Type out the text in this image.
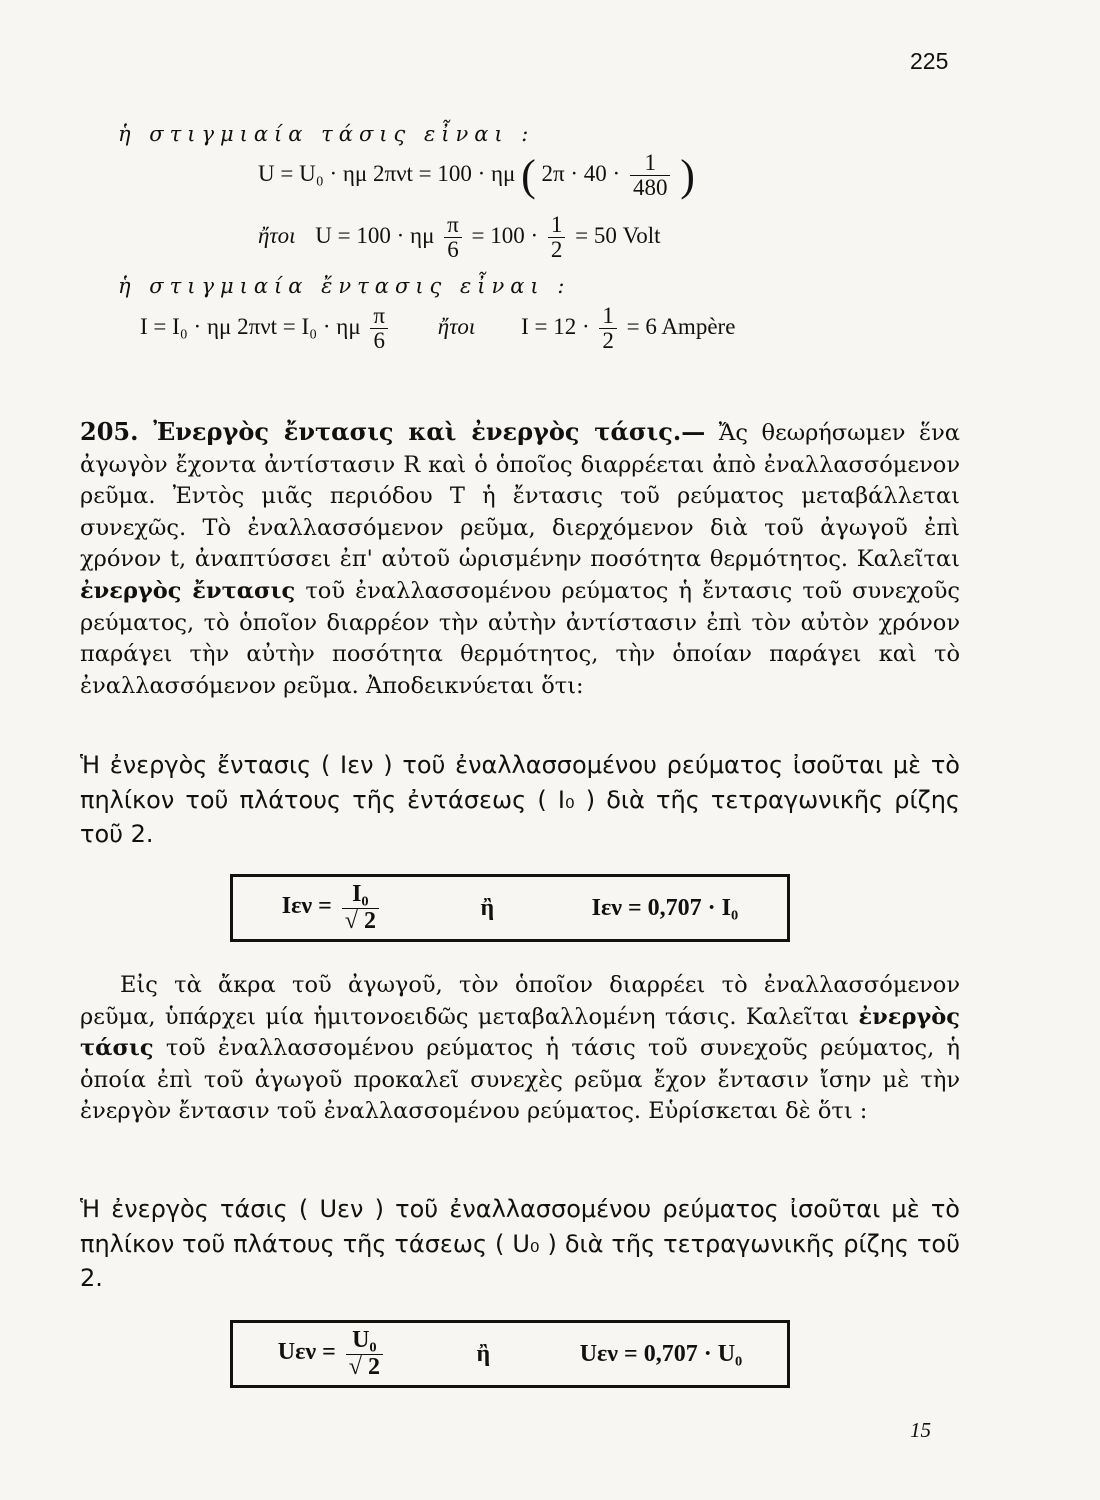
225
ἡ στιγμιαία τάσις εἶναι :
U = U₀ · ημ 2πνt = 100 · ημ ( $2\pi \cdot 40 \cdot \frac{1}{480}$ )
ἤτοι U = 100 · ημ $\frac{\pi}{6} = 100 \cdot \frac{1}{2} = 50$ Volt
ἡ στιγμιαία ἔντασις εἶναι :
I = I₀ · ημ 2πνt = I₀ · ημ $\frac{\pi}{6}$ ἤτοι $I = 12 \cdot \frac{1}{2} = 6$ Ampère
205. Ἐνεργὸς ἔντασις καὶ ἐνεργὸς τάσις.— Ἄς θεωρήσωμεν ἕνα ἀγωγὸν ἔχοντα ἀντίστασιν R καὶ ὁ ὁποῖος διαρρέεται ἀπὸ ἐναλλασσόμενον ρεῦμα. Ἐντὸς μιᾶς περιόδου T ἡ ἔντασις τοῦ ρεύματος μεταβάλλεται συνεχῶς. Τὸ ἐναλλασσόμενον ρεῦμα, διερχόμενον διὰ τοῦ ἀγωγοῦ ἐπὶ χρόνον t, ἀναπτύσσει ἐπ' αὐτοῦ ὡρισμένην ποσότητα θερμότητος. Καλεῖται ἐνεργὸς ἔντασις τοῦ ἐναλλασσομένου ρεύματος ἡ ἔντασις τοῦ συνεχοῦς ρεύματος, τὸ ὁποῖον διαρρέον τὴν αὐτὴν ἀντίστασιν ἐπὶ τὸν αὐτὸν χρόνον παράγει τὴν αὐτὴν ποσότητα θερμότητος, τὴν ὁποίαν παράγει καὶ τὸ ἐναλλασσόμενον ρεῦμα. Ἀποδεικνύεται ὅτι:
Ἡ ἐνεργὸς ἔντασις ( Iεν ) τοῦ ἐναλλασσομένου ρεύματος ἰσοῦται μὲ τὸ πηλίκον τοῦ πλάτους τῆς ἐντάσεως ( I₀ ) διὰ τῆς τετραγωνικῆς ρίζης τοῦ 2.
$I\varepsilon\nu = \frac{\text{I₀}}{√ 2}$	ἢ	Iεν = 0,707 · I₀
Εἰς τὰ ἄκρα τοῦ ἀγωγοῦ, τὸν ὁποῖον διαρρέει τὸ ἐναλλασσόμενον ρεῦμα, ὑπάρχει μία ἡμιτονοειδῶς μεταβαλλομένη τάσις. Καλεῖται ἐνεργὸς τάσις τοῦ ἐναλλασσομένου ρεύματος ἡ τάσις τοῦ συνεχοῦς ρεύματος, ἡ ὁποία ἐπὶ τοῦ ἀγωγοῦ προκαλεῖ συνεχὲς ρεῦμα ἔχον ἔντασιν ἴσην μὲ τὴν ἐνεργὸν ἔντασιν τοῦ ἐναλλασσομένου ρεύματος. Εὑρίσκεται δὲ ὅτι :
Ἡ ἐνεργὸς τάσις ( Uεν ) τοῦ ἐναλλασσομένου ρεύματος ἰσοῦται μὲ τὸ πηλίκον τοῦ πλάτους τῆς τάσεως ( U₀ ) διὰ τῆς τετραγωνικῆς ρίζης τοῦ 2.
$U\varepsilon\nu = \frac{\text{U₀}}{√ 2}$	ἢ	Uεν = 0,707 · U₀
15
